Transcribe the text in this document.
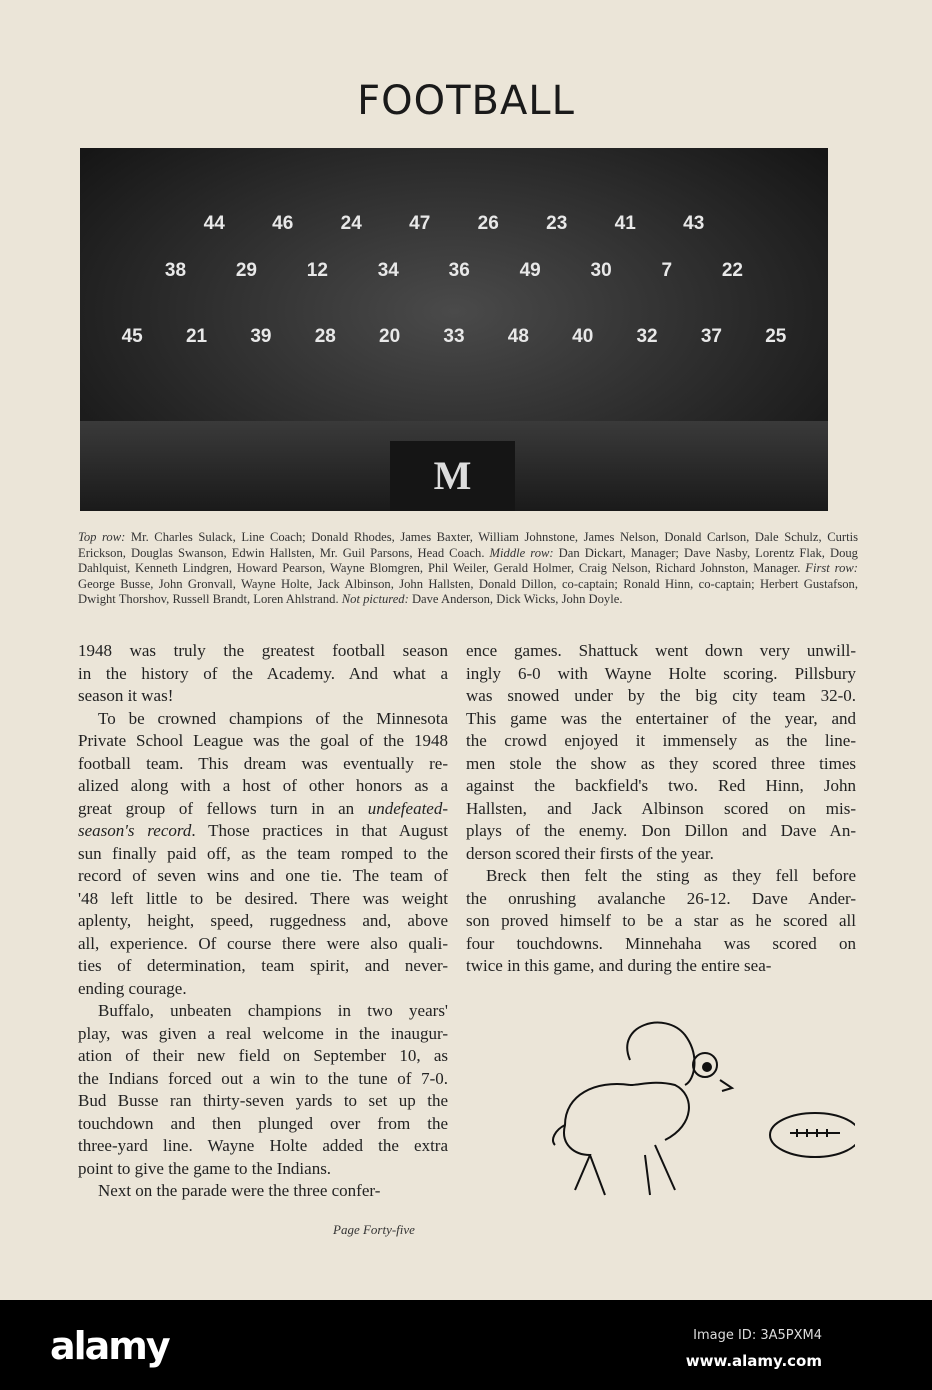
FOOTBALL
44 46 24 47 26 23 41 43
38	29	12	34	36	49	30	7	22
45 21 39 28 20 33 48 40 32 37 25
M
Top row: Mr. Charles Sulack, Line Coach; Donald Rhodes, James Baxter, William Johnstone, James Nelson, Donald Carlson, Dale Schulz, Curtis Erickson, Douglas Swanson, Edwin Hallsten, Mr. Guil Parsons, Head Coach. Middle row: Dan Dickart, Manager; Dave Nasby, Lorentz Flak, Doug Dahlquist, Kenneth Lindgren, Howard Pearson, Wayne Blomgren, Phil Weiler, Gerald Holmer, Craig Nelson, Richard Johnston, Manager. First row: George Busse, John Gronvall, Wayne Holte, Jack Albinson, John Hallsten, Donald Dillon, co-captain; Ronald Hinn, co-captain; Herbert Gustafson, Dwight Thorshov, Russell Brandt, Loren Ahlstrand. Not pictured: Dave Anderson, Dick Wicks, John Doyle.
1948 was truly the greatest football season
in the history of the Academy. And what a
season it was!
To be crowned champions of the Minnesota
Private School League was the goal of the 1948
football team. This dream was eventually re-
alized along with a host of other honors as a
great group of fellows turn in an undefeated-
season's record. Those practices in that August
sun finally paid off, as the team romped to the
record of seven wins and one tie. The team of
'48 left little to be desired. There was weight
aplenty, height, speed, ruggedness and, above
all, experience. Of course there were also quali-
ties of determination, team spirit, and never-
ending courage.
Buffalo, unbeaten champions in two years'
play, was given a real welcome in the inaugur-
ation of their new field on September 10, as
the Indians forced out a win to the tune of 7-0.
Bud Busse ran thirty-seven yards to set up the
touchdown and then plunged over from the
three-yard line. Wayne Holte added the extra
point to give the game to the Indians.
Next on the parade were the three confer-
ence games. Shattuck went down very unwill-
ingly 6-0 with Wayne Holte scoring. Pillsbury
was snowed under by the big city team 32-0.
This game was the entertainer of the year, and
the crowd enjoyed it immensely as the line-
men stole the show as they scored three times
against the backfield's two. Red Hinn, John
Hallsten, and Jack Albinson scored on mis-
plays of the enemy. Don Dillon and Dave An-
derson scored their firsts of the year.
Breck then felt the sting as they fell before
the onrushing avalanche 26-12. Dave Ander-
son proved himself to be a star as he scored all
four touchdowns. Minnehaha was scored on
twice in this game, and during the entire sea-
Page Forty-five
alamy	Image ID: 3A5PXM4
www.alamy.com
